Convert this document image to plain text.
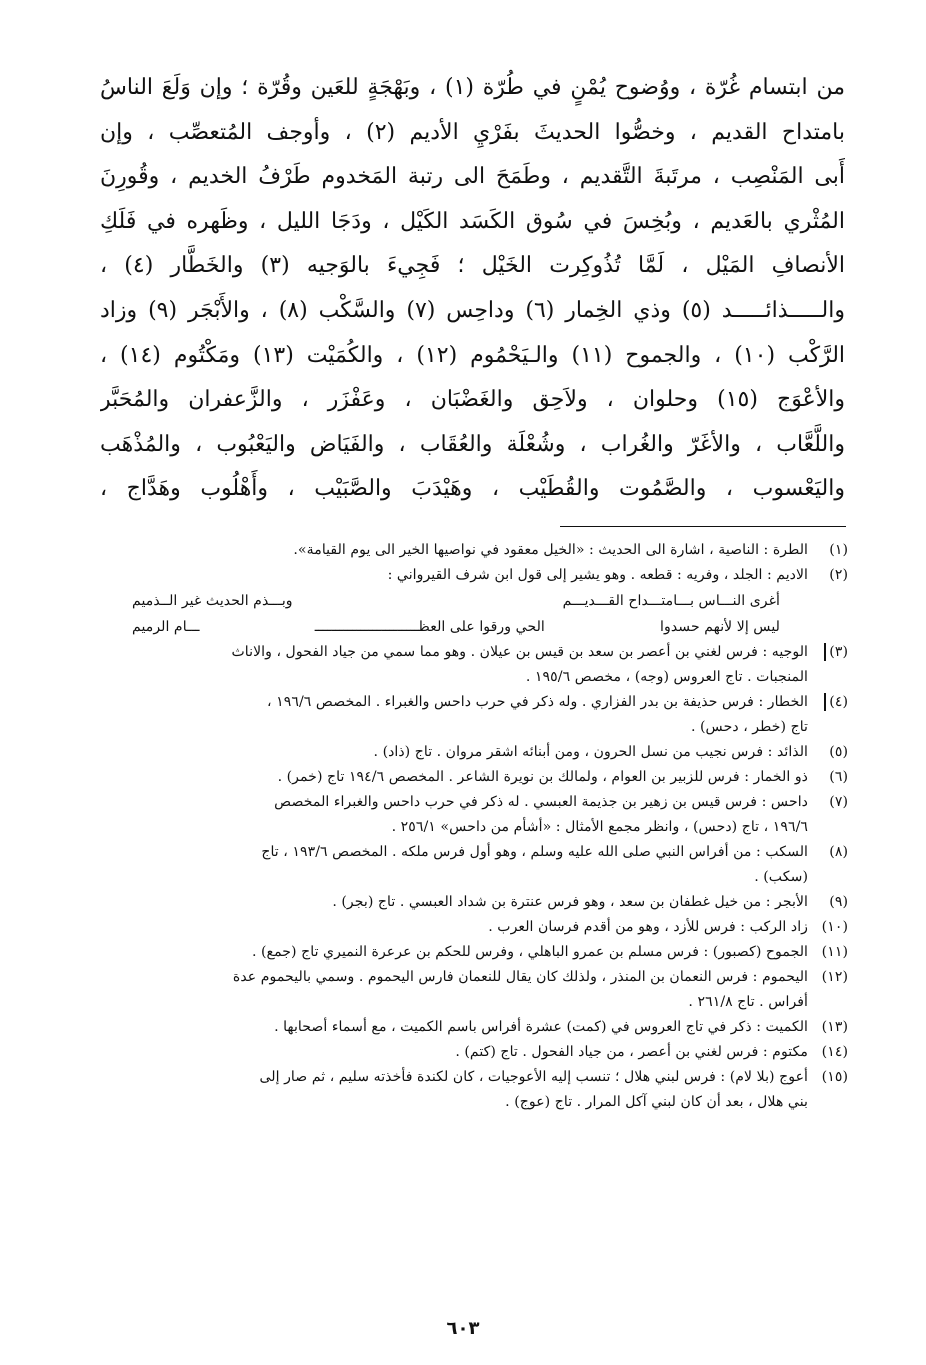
من ابتسام غُرّة ، ووُضوح يُمْنٍ في طُرّة (١) ، وبَهْجَةٍ للعَين وقُرّة ؛ وإن وَلَعَ الناسُ
بامتداح القديم ، وخصُّوا الحديثَ بفَرْيِ الأديم (٢) ، وأوجف المُتعصِّب ، وإن
أَبى المَنْصِب ، مرتَبةَ التَّقديم ، وطَمَحَ الى رتبة المَخدوم طَرْفُ الخديم ، وقُورِنَ
المُثْري بالعَديم ، وبُخِسَ في سُوق الكَسَد الكَيْل ، ودَجَا الليل ، وظَهره في فَلَكِ
الأنصافِ المَيْل ، لَمَّا تُذُوكِرت الخَيْل ؛ فَجِيءَ بالوَجيه (٣) والخَطَّار (٤) ،
والـــــذائـــــد (٥) وذي الخِمار (٦) وداحِس (٧) والسَّكْب (٨) ، والأَبْجَر (٩) وزاد
الرَّكْب (١٠) ، والجموح (١١) والـيَحْمُوم (١٢) ، والكُمَيْت (١٣) ومَكْتُوم (١٤) ،
والأعْوَج (١٥) وحلوان ، ولاَحِق والغَضْبَان ، وعَفْزَر ، والزَّعفران والمُحَبَّر
واللَّعَّاب ، والأغَرّ والغُراب ، وشُعْلَة والعُقَاب ، والفَيَاض واليَعْبُوب ، والمُذْهَب
واليَعْسوب ، والصَّمُوت والقُطَيْب ، وهَيْدَبَ والصَّبَيْب ، وأَهْلُوب وهَدَّاج ،
(١)
الطرة : الناصية ، اشارة الى الحديث : «الخيل معقود في نواصيها الخير الى يوم القيامة».
(٢)
الاديم : الجلد ، وفريه : قطعه . وهو يشير إلى قول ابن شرف القيرواني :
أغرى النـــاس بـــامتـــداح القـــديـــم
وبـــذم الحديث غير الــذميم
ليس إلا لأنهم حسدوا
الحي ورقوا على العظـــــــــــــــــــــــــ
ـــام الرميم
(٣)
الوجيه : فرس لغني بن أعصر بن سعد بن قيس بن عيلان . وهو مما سمي من جياد الفحول ، والاناث
المنجبات . تاج العروس (وجه) ، مخصص ١٩٥/٦ .
(٤)
الخطار : فرس حذيفة بن بدر الفزاري . وله ذكر في حرب داحس والغبراء . المخصص ١٩٦/٦ ،
تاج (خطر ، دحس) .
(٥)
الذائد : فرس نجيب من نسل الحرون ، ومن أبنائه اشقر مروان . تاج (ذاد) .
(٦)
ذو الخمار : فرس للزبير بن العوام ، ولمالك بن نويرة الشاعر . المخصص ١٩٤/٦ تاج (خمر) .
(٧)
داحس : فرس قيس بن زهير بن جذيمة العبسي . له ذكر في حرب داحس والغبراء المخصص
١٩٦/٦ ، تاج (دحس) ، وانظر مجمع الأمثال : «أشأم من داحس» ٢٥٦/١ .
(٨)
السكب : من أفراس النبي صلى الله عليه وسلم ، وهو أول فرس ملكه . المخصص ١٩٣/٦ ، تاج
(سكب) .
(٩)
الأبجر : من خيل غطفان بن سعد ، وهو فرس عنترة بن شداد العبسي . تاج (بجر) .
(١٠)
زاد الركب : فرس للأزد ، وهو من أقدم فرسان العرب .
(١١)
الجموح (كصبور) : فرس مسلم بن عمرو الباهلي ، وفرس للحكم بن عرعرة النميري تاج (جمع) .
(١٢)
اليحموم : فرس النعمان بن المنذر ، ولذلك كان يقال للنعمان فارس اليحموم . وسمي باليحموم عدة
أفراس . تاج ٢٦١/٨ .
(١٣)
الكميت : ذكر في تاج العروس في (كمت) عشرة أفراس باسم الكميت ، مع أسماء أصحابها .
(١٤)
مكتوم : فرس لغني بن أعصر ، من جياد الفحول . تاج (كتم) .
(١٥)
أعوج (بلا لام) : فرس لبني هلال ؛ تنسب إليه الأعوجيات ، كان لكندة فأخذته سليم ، ثم صار إلى
بني هلال ، بعد أن كان لبني آكل المرار . تاج (عوج) .
٦٠٣
